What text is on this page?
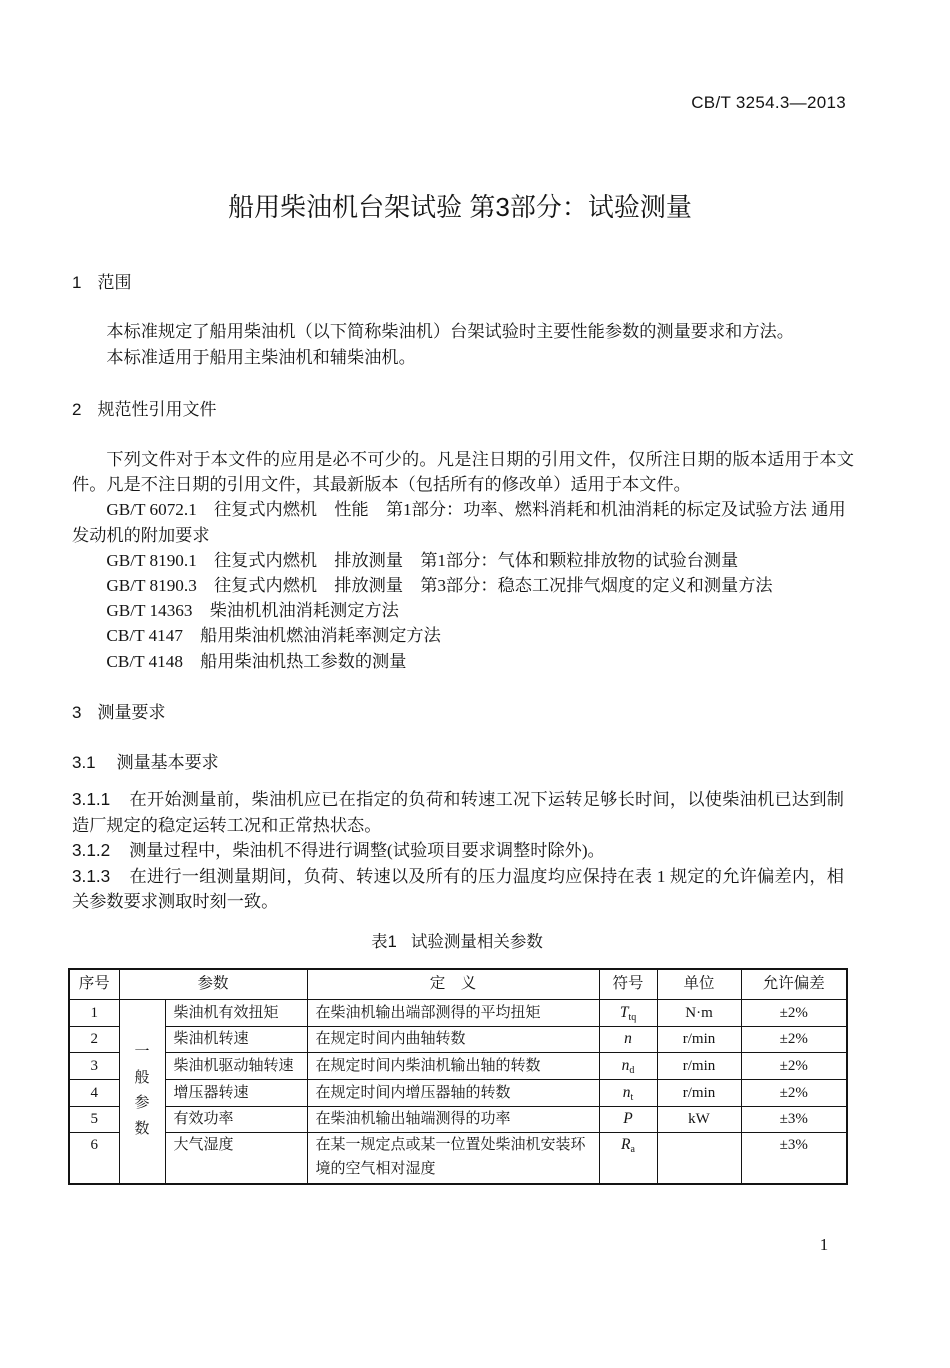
CB/T 3254.3—2013
船用柴油机台架试验 第3部分：试验测量
1 范围

本标准规定了船用柴油机（以下简称柴油机）台架试验时主要性能参数的测量要求和方法。

本标准适用于船用主柴油机和辅柴油机。

2 规范性引用文件

下列文件对于本文件的应用是必不可少的。凡是注日期的引用文件，仅所注日期的版本适用于本文件。凡是不注日期的引用文件，其最新版本（包括所有的修改单）适用于本文件。

GB/T 6072.1 往复式内燃机　性能　第1部分：功率、燃料消耗和机油消耗的标定及试验方法 通用发动机的附加要求

GB/T 8190.1 往复式内燃机　排放测量　第1部分：气体和颗粒排放物的试验台测量

GB/T 8190.3 往复式内燃机　排放测量　第3部分：稳态工况排气烟度的定义和测量方法

GB/T 14363 柴油机机油消耗测定方法

CB/T 4147 船用柴油机燃油消耗率测定方法

CB/T 4148 船用柴油机热工参数的测量

3 测量要求
3.1 测量基本要求

3.1.1 在开始测量前，柴油机应已在指定的负荷和转速工况下运转足够长时间，以使柴油机已达到制造厂规定的稳定运转工况和正常热状态。

3.1.2 测量过程中，柴油机不得进行调整(试验项目要求调整时除外)。

3.1.3 在进行一组测量期间，负荷、转速以及所有的压力温度均应保持在表 1 规定的允许偏差内，相关参数要求测取时刻一致。

表1 试验测量相关参数
序号	参数		定　义	符号	单位	允许偏差
1	一般参数	柴油机有效扭矩	在柴油机输出端部测得的平均扭矩	$T_{tq}$	N·m	±2%
2		柴油机转速	在规定时间内曲轴转数	n	r/min	±2%
3		柴油机驱动轴转速	在规定时间内柴油机输出轴的转数	$n_d$	r/min	±2%
4		增压器转速	在规定时间内增压器轴的转数	$n_t$	r/min	±2%
5		有效功率	在柴油机输出轴端测得的功率	P	kW	±3%
6		大气湿度	在某一规定点或某一位置处柴油机安装环境的空气相对湿度	$R_a$		±3%
1
